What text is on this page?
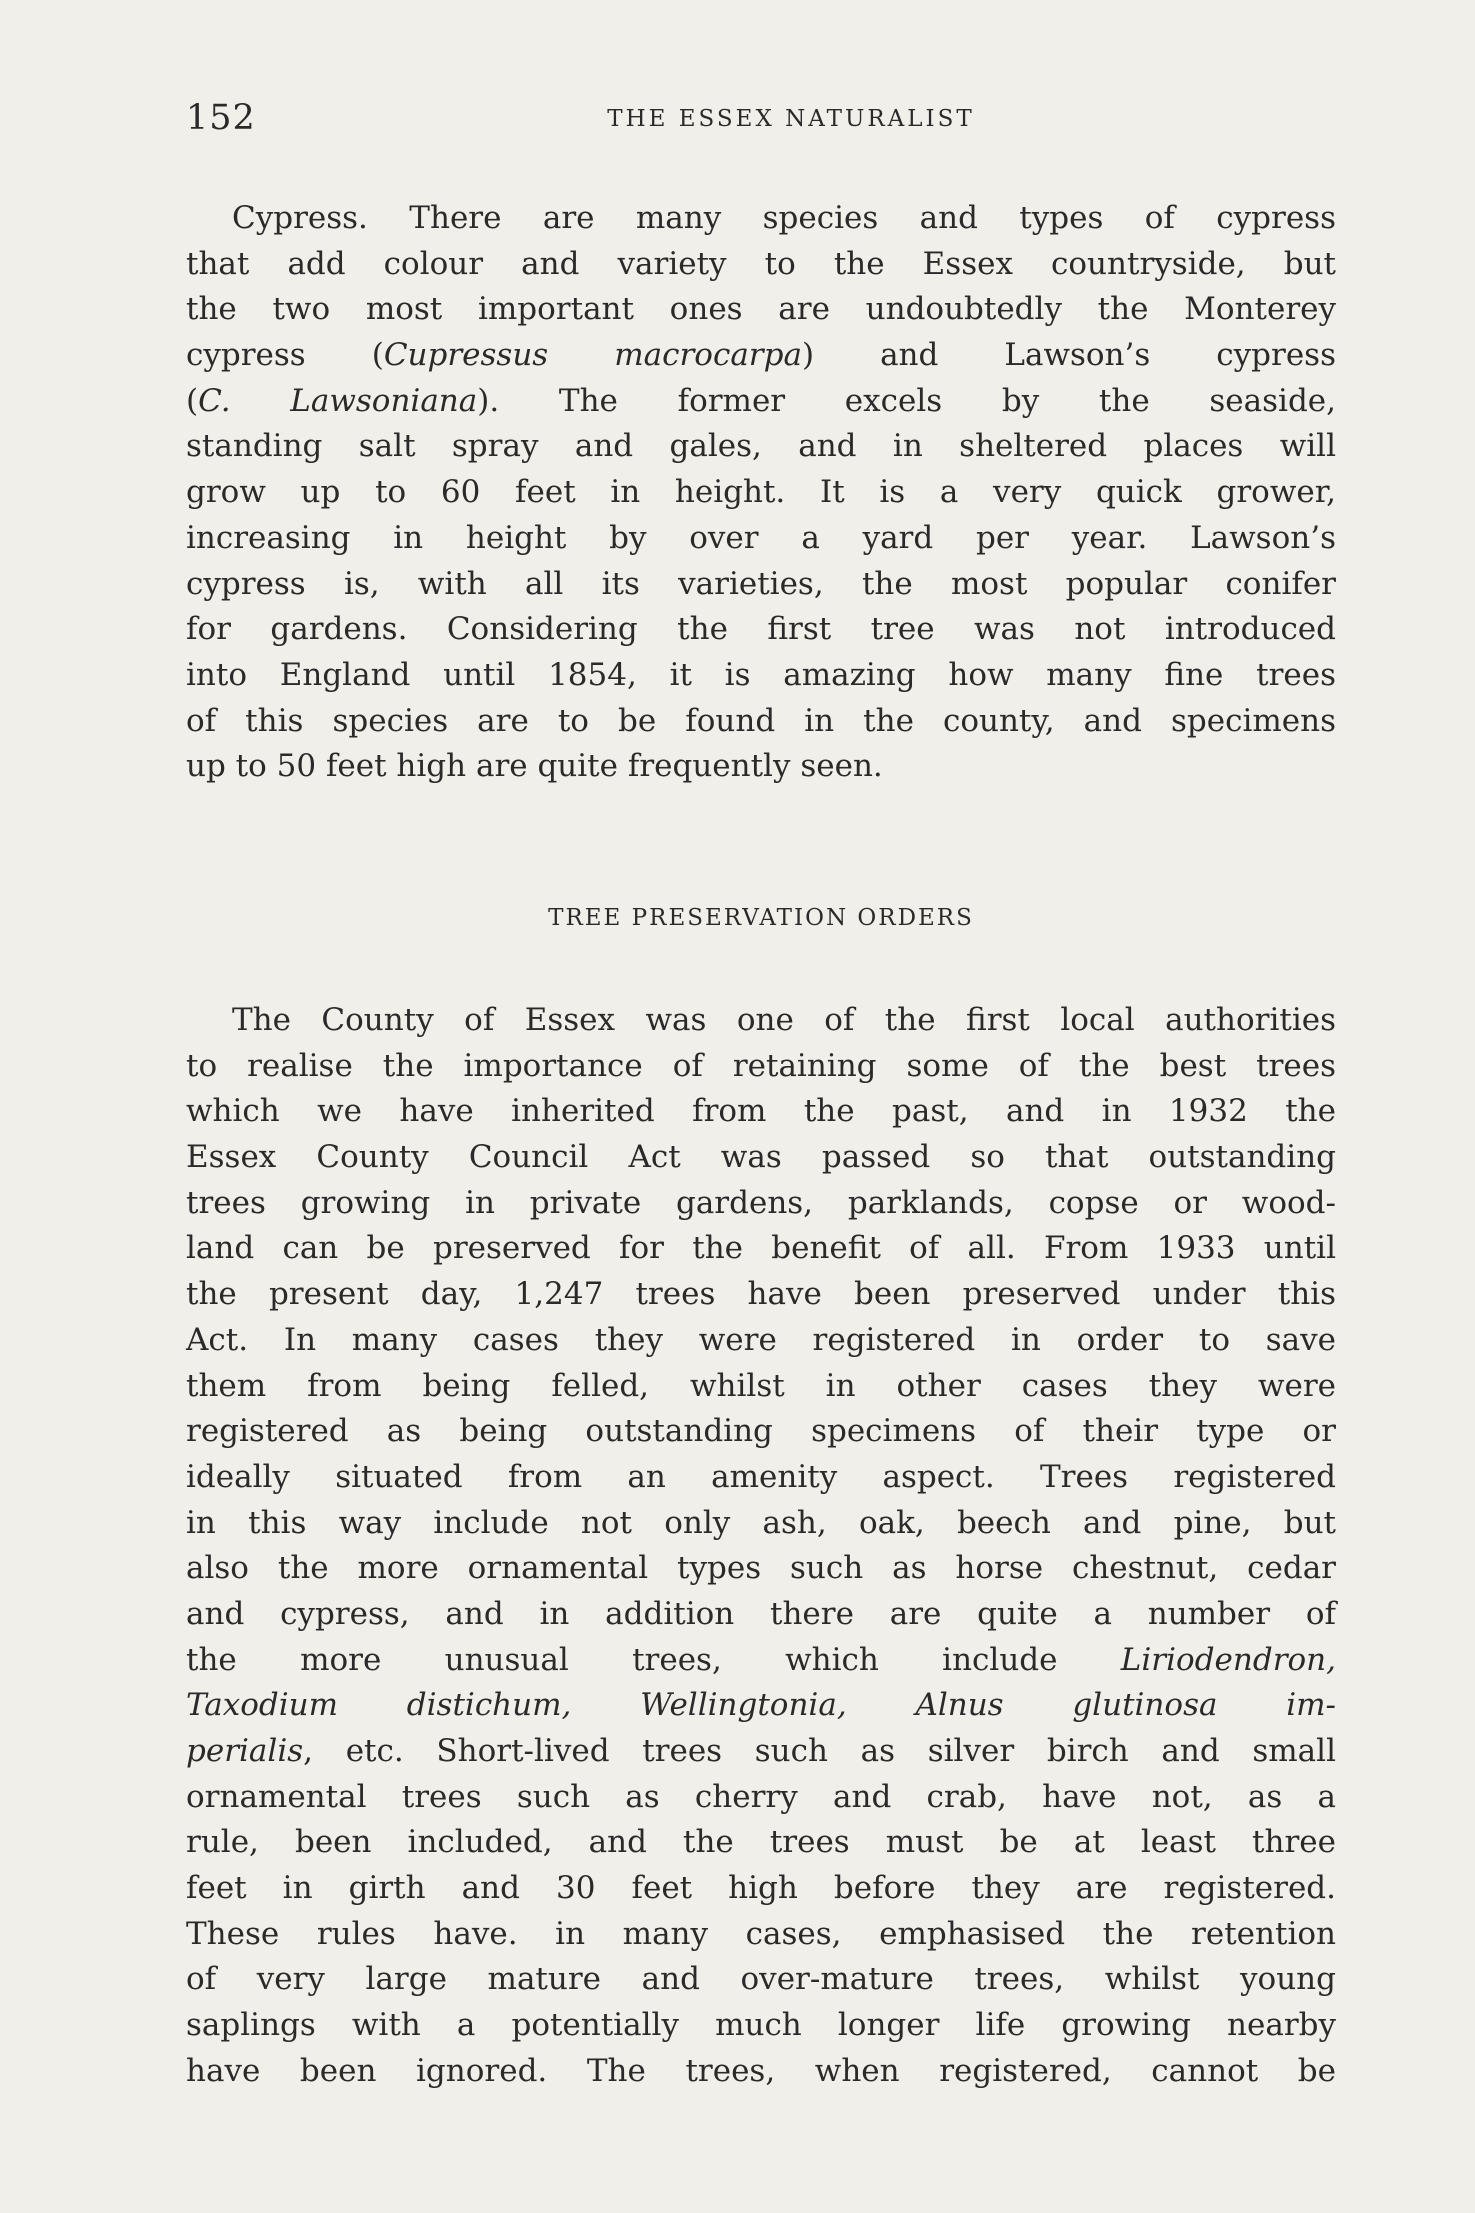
152	THE ESSEX NATURALIST
Cypress. There are many species and types of cypress
that add colour and variety to the Essex countryside, but
the two most important ones are undoubtedly the Monterey
cypress (Cupressus macrocarpa) and Lawson’s cypress
(C. Lawsoniana). The former excels by the seaside,
standing salt spray and gales, and in sheltered places will
grow up to 60 feet in height. It is a very quick grower,
increasing in height by over a yard per year. Lawson’s
cypress is, with all its varieties, the most popular conifer
for gardens. Considering the first tree was not introduced
into England until 1854, it is amazing how many fine trees
of this species are to be found in the county, and specimens
up to 50 feet high are quite frequently seen.
TREE PRESERVATION ORDERS
The County of Essex was one of the first local authorities
to realise the importance of retaining some of the best trees
which we have inherited from the past, and in 1932 the
Essex County Council Act was passed so that outstanding
trees growing in private gardens, parklands, copse or wood-
land can be preserved for the benefit of all. From 1933 until
the present day, 1,247 trees have been preserved under this
Act. In many cases they were registered in order to save
them from being felled, whilst in other cases they were
registered as being outstanding specimens of their type or
ideally situated from an amenity aspect. Trees registered
in this way include not only ash, oak, beech and pine, but
also the more ornamental types such as horse chestnut, cedar
and cypress, and in addition there are quite a number of
the more unusual trees, which include Liriodendron,
Taxodium distichum, Wellingtonia, Alnus glutinosa im-
perialis, etc. Short-lived trees such as silver birch and small
ornamental trees such as cherry and crab, have not, as a
rule, been included, and the trees must be at least three
feet in girth and 30 feet high before they are registered.
These rules have. in many cases, emphasised the retention
of very large mature and over-mature trees, whilst young
saplings with a potentially much longer life growing nearby
have been ignored. The trees, when registered, cannot be
